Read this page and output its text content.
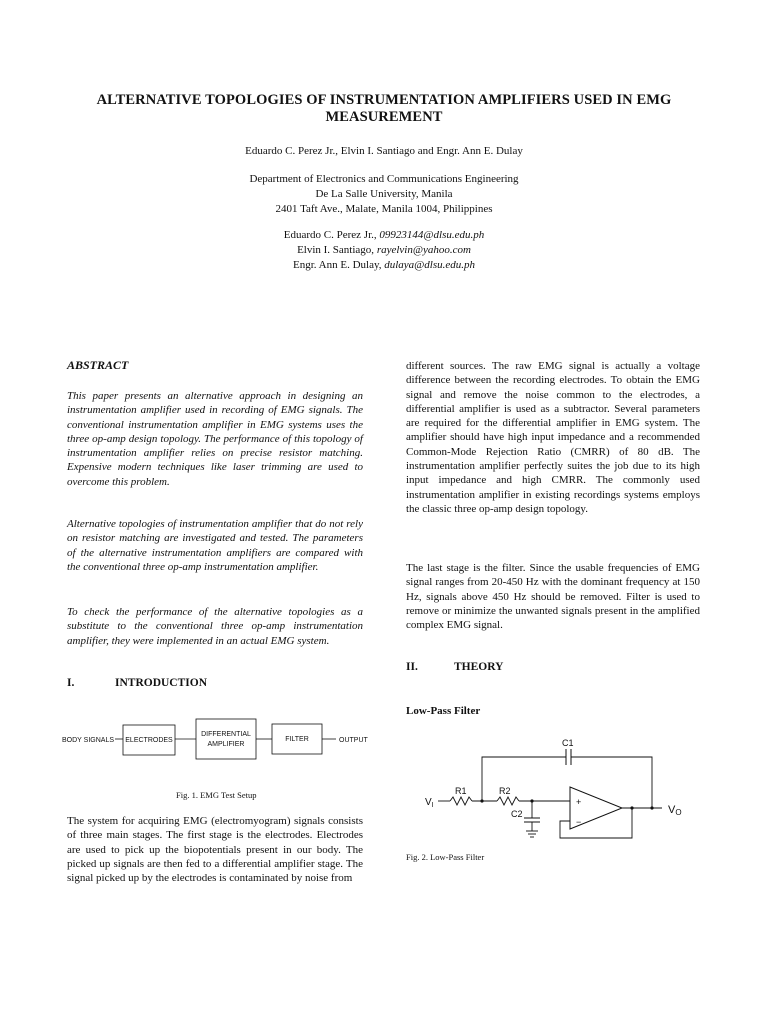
ALTERNATIVE TOPOLOGIES OF INSTRUMENTATION AMPLIFIERS USED IN EMG
MEASUREMENT
Eduardo C. Perez Jr., Elvin I. Santiago and Engr. Ann E. Dulay
Department of Electronics and Communications Engineering
De La Salle University, Manila
2401 Taft Ave., Malate, Manila 1004, Philippines
Eduardo C. Perez Jr., 09923144@dlsu.edu.ph
Elvin I. Santiago, rayelvin@yahoo.com
Engr. Ann E. Dulay, dulaya@dlsu.edu.ph
ABSTRACT

This paper presents an alternative approach in designing an instrumentation amplifier used in recording of EMG signals. The conventional instrumentation amplifier in EMG systems uses the three op-amp design topology. The performance of this topology of instrumentation amplifier relies on precise resistor matching. Expensive modern techniques like laser trimming are used to overcome this problem.

Alternative topologies of instrumentation amplifier that do not rely on resistor matching are investigated and tested. The parameters of the alternative instrumentation amplifiers are compared with the conventional three op-amp instrumentation amplifier.

To check the performance of the alternative topologies as a substitute to the conventional three op-amp instrumentation amplifier, they were implemented in an actual EMG system.

I.	INTRODUCTION
BODY SIGNALS ELECTRODES
DIFFERENTIAL
AMPLIFIER
FILTER	OUTPUT
Fig. 1. EMG Test Setup

The system for acquiring EMG (electromyogram) signals consists of three main stages. The first stage is the electrodes. Electrodes are used to pick up the biopotentials present in our body. The picked up signals are then fed to a differential amplifier stage. The signal picked up by the electrodes is contaminated by noise from

different sources. The raw EMG signal is actually a voltage difference between the recording electrodes. To obtain the EMG signal and remove the noise common to the electrodes, a differential amplifier is used as a subtractor. Several parameters are required for the differential amplifier in EMG system. The amplifier should have high input impedance and a recommended Common-Mode Rejection Ratio (CMRR) of 80 dB. The instrumentation amplifier perfectly suites the job due to its high input impedance and high CMRR. The commonly used instrumentation amplifier in existing recordings systems employs the classic three op-amp design topology.

The last stage is the filter. Since the usable frequencies of EMG signal ranges from 20-450 Hz with the dominant frequency at 150 Hz, signals above 450 Hz should be removed. Filter is used to remove or minimize the unwanted signals present in the amplified complex EMG signal.

II.	THEORY
Low-Pass Filter
C1
$V_I$
R1	R2
C2
+
−
VO
Fig. 2. Low-Pass Filter
